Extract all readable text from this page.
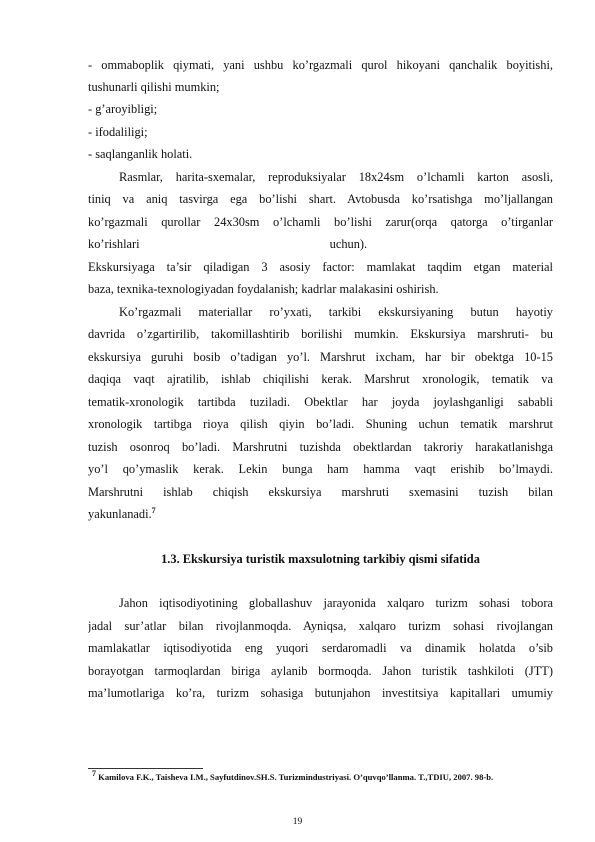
- ommaboplik qiymati, yani ushbu ko’rgazmali qurol hikoyani qanchalik boyitishi,
tushunarli qilishi mumkin;
- g’aroyibligi;
- ifodaliligi;
- saqlanganlik holati.
Rasmlar, harita-sxemalar, reproduksiyalar 18x24sm o’lchamli karton asosli,
tiniq va aniq tasvirga ega bo’lishi shart. Avtobusda ko’rsatishga mo’ljallangan
ko’rgazmali qurollar 24x30sm o’lchamli bo’lishi zarur(orqa qatorga o’tirganlar
ko’rishlari	uchun).
Ekskursiyaga ta’sir qiladigan 3 asosiy factor: mamlakat taqdim etgan material
baza, texnika-texnologiyadan foydalanish; kadrlar malakasini oshirish.
Ko’rgazmali materiallar ro’yxati, tarkibi ekskursiyaning butun hayotiy
davrida o’zgartirilib, takomillashtirib borilishi mumkin. Ekskursiya marshruti- bu
ekskursiya guruhi bosib o’tadigan yo’l. Marshrut ixcham, har bir obektga 10-15
daqiqa vaqt ajratilib, ishlab chiqilishi kerak. Marshrut xronologik, tematik va
tematik-xronologik tartibda tuziladi. Obektlar har joyda joylashganligi sababli
xronologik tartibga rioya qilish qiyin bo’ladi. Shuning uchun tematik marshrut
tuzish osonroq bo’ladi. Marshrutni tuzishda obektlardan takroriy harakatlanishga
yo’l qo’ymaslik kerak. Lekin bunga ham hamma vaqt erishib bo’lmaydi.
Marshrutni ishlab chiqish ekskursiya marshruti sxemasini tuzish bilan
yakunlanadi.$^7$
1.3. Ekskursiya turistik maxsulotning tarkibiy qismi sifatida
Jahon iqtisodiyotining globallashuv jarayonida xalqaro turizm sohasi tobora
jadal sur’atlar bilan rivojlanmoqda. Ayniqsa, xalqaro turizm sohasi rivojlangan
mamlakatlar iqtisodiyotida eng yuqori serdaromadli va dinamik holatda o’sib
borayotgan tarmoqlardan biriga aylanib bormoqda. Jahon turistik tashkiloti (JTT)
ma’lumotlariga ko’ra, turizm sohasiga butunjahon investitsiya kapitallari umumiy
7 Kamilova F.K., Taisheva I.M., Sayfutdinov.SH.S. Turizmindustriyasi. O’quvqo’llanma. T.,TDIU, 2007. 98-b.
19
